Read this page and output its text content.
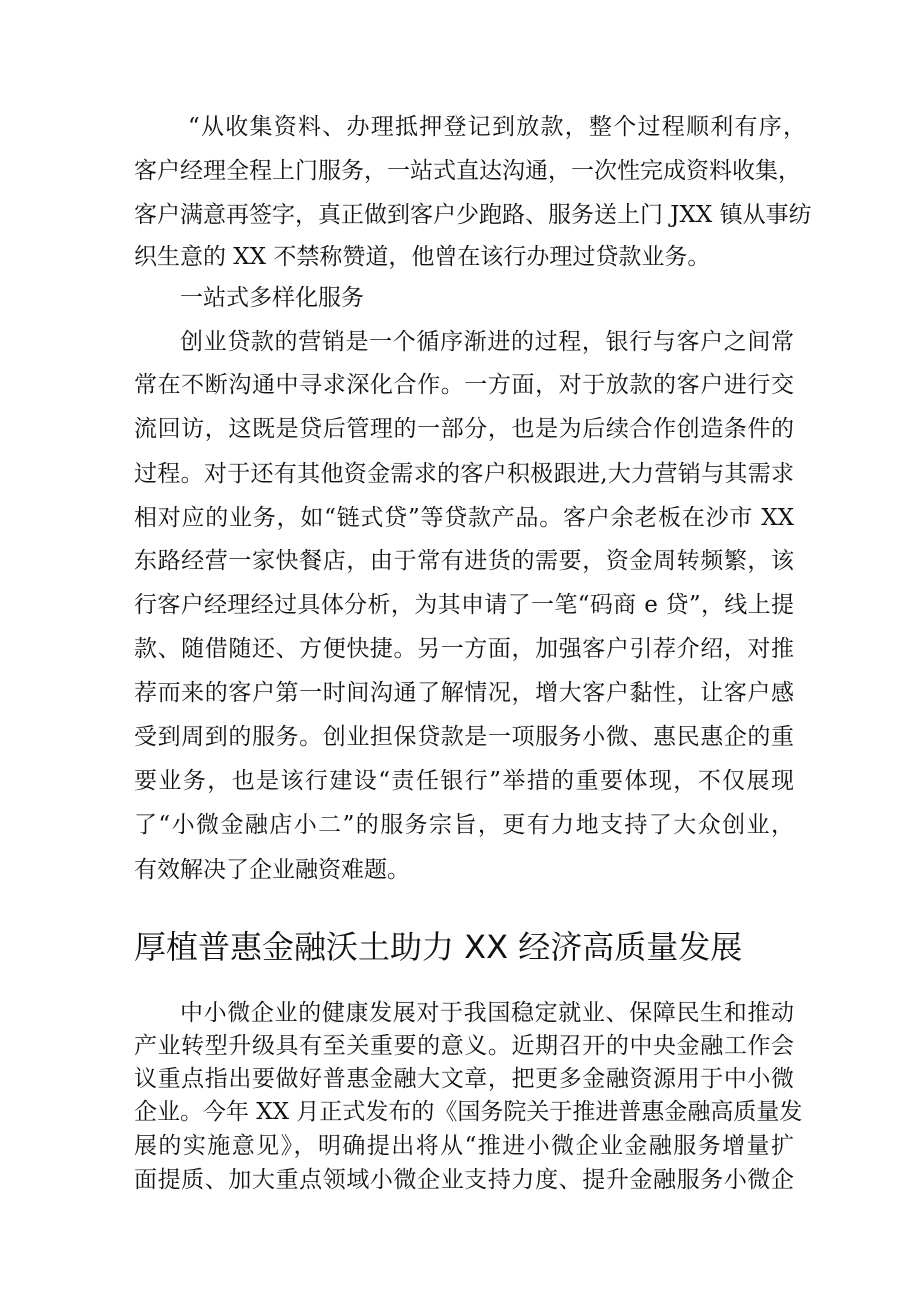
“从收集资料、办理抵押登记到放款，整个过程顺利有序，
客户经理全程上门服务，一站式直达沟通，一次性完成资料收集，
客户满意再签字，真正做到客户少跑路、服务送上门 JXX 镇从事纺
织生意的 XX 不禁称赞道，他曾在该行办理过贷款业务。
一站式多样化服务
创业贷款的营销是一个循序渐进的过程，银行与客户之间常
常在不断沟通中寻求深化合作。一方面，对于放款的客户进行交
流回访，这既是贷后管理的一部分，也是为后续合作创造条件的
过程。对于还有其他资金需求的客户积极跟进,大力营销与其需求
相对应的业务，如“链式贷”等贷款产品。客户余老板在沙市 XX
东路经营一家快餐店，由于常有进货的需要，资金周转频繁，该
行客户经理经过具体分析，为其申请了一笔“码商 e 贷”，线上提
款、随借随还、方便快捷。另一方面，加强客户引荐介绍，对推
荐而来的客户第一时间沟通了解情况，增大客户黏性，让客户感
受到周到的服务。创业担保贷款是一项服务小微、惠民惠企的重
要业务，也是该行建设“责任银行”举措的重要体现，不仅展现
了“小微金融店小二”的服务宗旨，更有力地支持了大众创业，
有效解决了企业融资难题。
厚植普惠金融沃土助力 XX 经济高质量发展
中小微企业的健康发展对于我国稳定就业、保障民生和推动
产业转型升级具有至关重要的意义。近期召开的中央金融工作会
议重点指出要做好普惠金融大文章，把更多金融资源用于中小微
企业。今年 XX 月正式发布的《国务院关于推进普惠金融高质量发
展的实施意见》，明确提出将从“推进小微企业金融服务增量扩
面提质、加大重点领域小微企业支持力度、提升金融服务小微企
